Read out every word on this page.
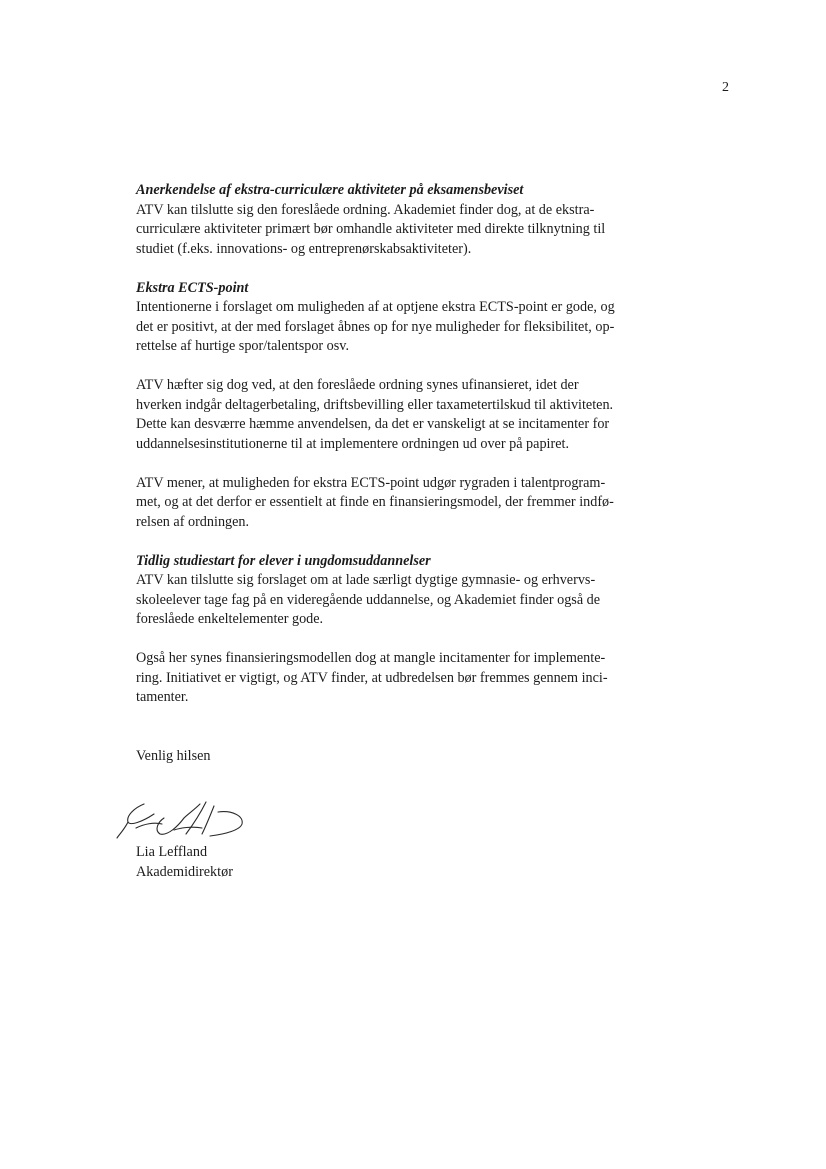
2
Anerkendelse af ekstra-curriculære aktiviteter på eksamensbeviset
ATV kan tilslutte sig den foreslåede ordning. Akademiet finder dog, at de ekstra-
curriculære aktiviteter primært bør omhandle aktiviteter med direkte tilknytning til
studiet (f.eks. innovations- og entreprenørskabsaktiviteter).
Ekstra ECTS-point
Intentionerne i forslaget om muligheden af at optjene ekstra ECTS-point er gode, og
det er positivt, at der med forslaget åbnes op for nye muligheder for fleksibilitet, op-
rettelse af hurtige spor/talentspor osv.
ATV hæfter sig dog ved, at den foreslåede ordning synes ufinansieret, idet der
hverken indgår deltagerbetaling, driftsbevilling eller taxametertilskud til aktiviteten.
Dette kan desværre hæmme anvendelsen, da det er vanskeligt at se incitamenter for
uddannelsesinstitutionerne til at implementere ordningen ud over på papiret.
ATV mener, at muligheden for ekstra ECTS-point udgør rygraden i talentprogram-
met, og at det derfor er essentielt at finde en finansieringsmodel, der fremmer indfø-
relsen af ordningen.
Tidlig studiestart for elever i ungdomsuddannelser
ATV kan tilslutte sig forslaget om at lade særligt dygtige gymnasie- og erhvervs-
skoleelever tage fag på en videregående uddannelse, og Akademiet finder også de
foreslåede enkeltelementer gode.
Også her synes finansieringsmodellen dog at mangle incitamenter for implemente-
ring. Initiativet er vigtigt, og ATV finder, at udbredelsen bør fremmes gennem inci-
tamenter.
Venlig hilsen
Lia Leffland
Akademidirektør
